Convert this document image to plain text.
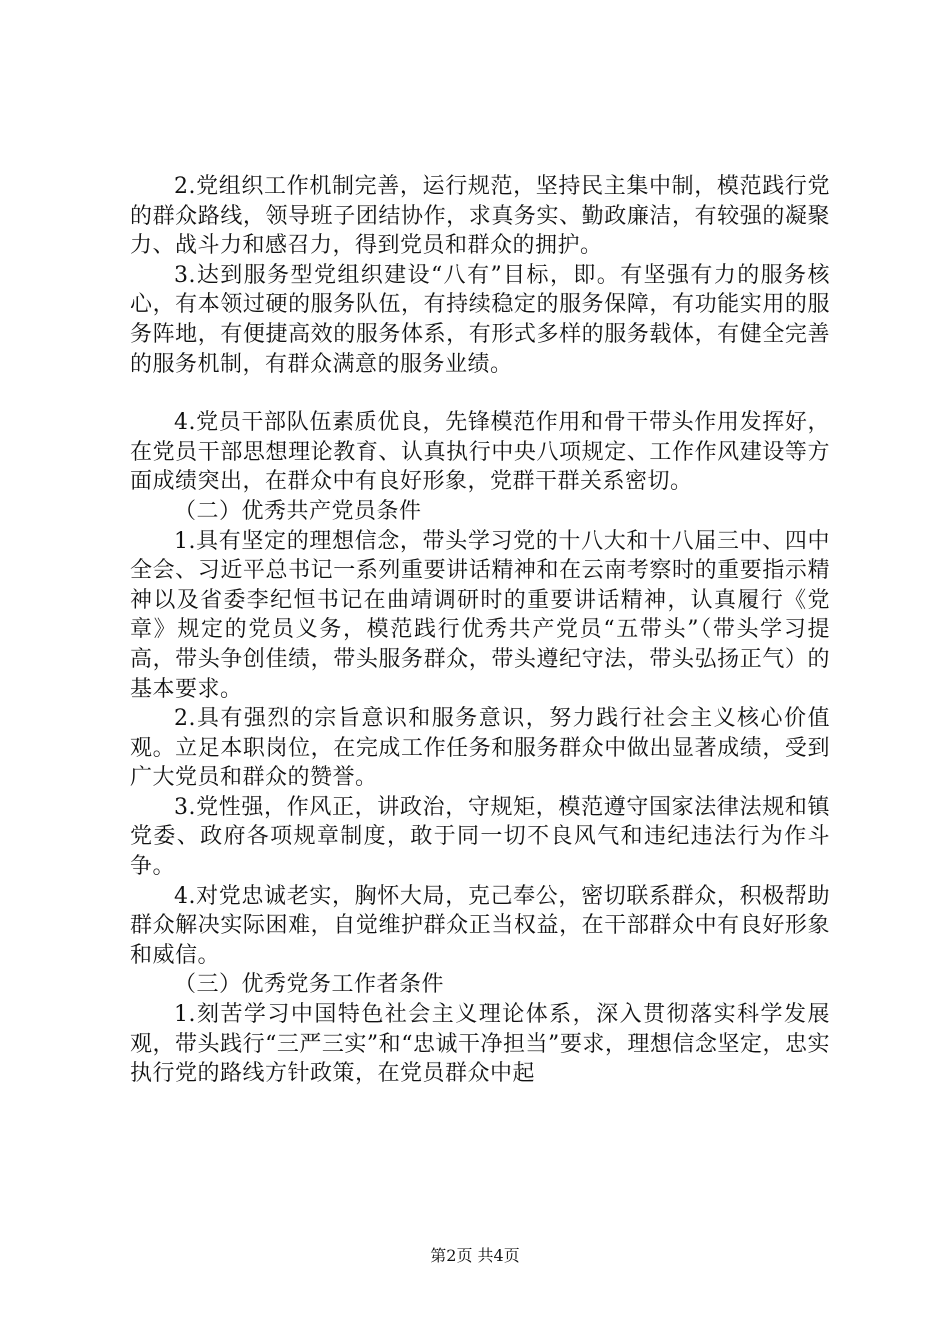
2.党组织工作机制完善，运行规范，坚持民主集中制，模范践行党的群众路线，领导班子团结协作，求真务实、勤政廉洁，有较强的凝聚力、战斗力和感召力，得到党员和群众的拥护。

3.达到服务型党组织建设“八有”目标，即。有坚强有力的服务核心，有本领过硬的服务队伍，有持续稳定的服务保障，有功能实用的服务阵地，有便捷高效的服务体系，有形式多样的服务载体，有健全完善的服务机制，有群众满意的服务业绩。

4.党员干部队伍素质优良，先锋模范作用和骨干带头作用发挥好，在党员干部思想理论教育、认真执行中央八项规定、工作作风建设等方面成绩突出，在群众中有良好形象，党群干群关系密切。

（二）优秀共产党员条件

1.具有坚定的理想信念，带头学习党的十八大和十八届三中、四中全会、习近平总书记一系列重要讲话精神和在云南考察时的重要指示精神以及省委李纪恒书记在曲靖调研时的重要讲话精神，认真履行《党章》规定的党员义务，模范践行优秀共产党员“五带头”（带头学习提高，带头争创佳绩，带头服务群众，带头遵纪守法，带头弘扬正气）的基本要求。

2.具有强烈的宗旨意识和服务意识，努力践行社会主义核心价值观。立足本职岗位，在完成工作任务和服务群众中做出显著成绩，受到广大党员和群众的赞誉。

3.党性强，作风正，讲政治，守规矩，模范遵守国家法律法规和镇党委、政府各项规章制度，敢于同一切不良风气和违纪违法行为作斗争。

4.对党忠诚老实，胸怀大局，克己奉公，密切联系群众，积极帮助群众解决实际困难，自觉维护群众正当权益，在干部群众中有良好形象和威信。

（三）优秀党务工作者条件

1.刻苦学习中国特色社会主义理论体系，深入贯彻落实科学发展观，带头践行“三严三实”和“忠诚干净担当”要求，理想信念坚定，忠实执行党的路线方针政策，在党员群众中起

第2页 共4页
